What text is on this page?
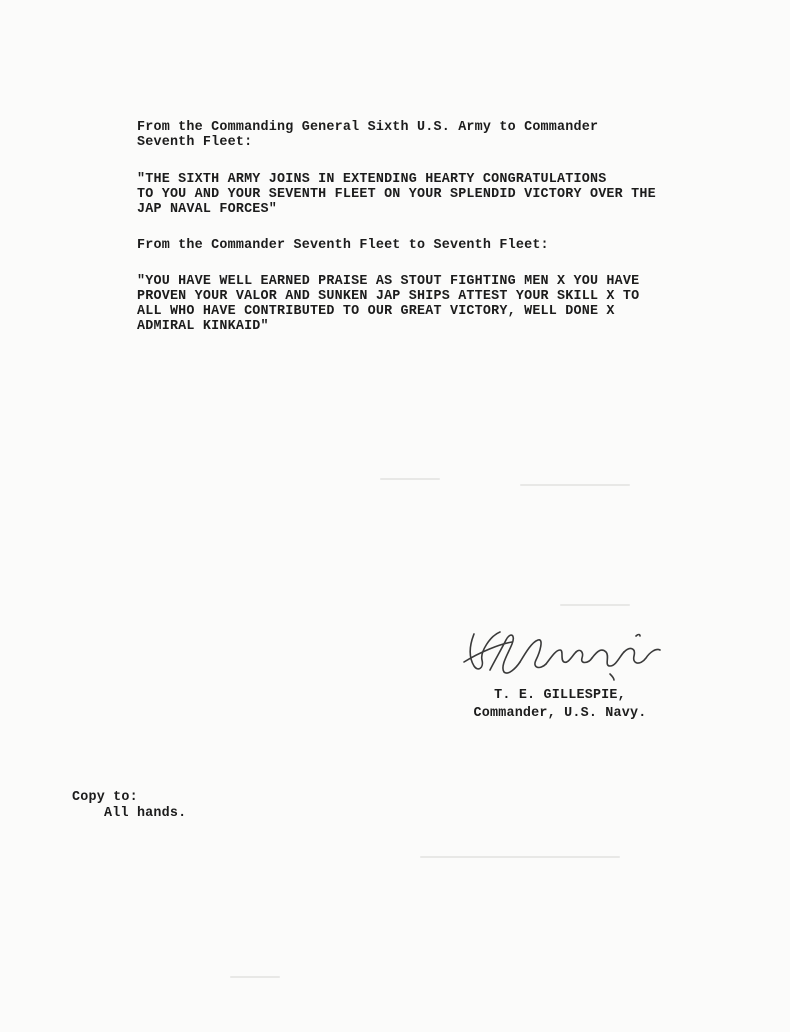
From the Commanding General Sixth U.S. Army to Commander
Seventh Fleet:
"THE SIXTH ARMY JOINS IN EXTENDING HEARTY CONGRATULATIONS
TO YOU AND YOUR SEVENTH FLEET ON YOUR SPLENDID VICTORY OVER THE
JAP NAVAL FORCES"
From the Commander Seventh Fleet to Seventh Fleet:
"YOU HAVE WELL EARNED PRAISE AS STOUT FIGHTING MEN X YOU HAVE
PROVEN YOUR VALOR AND SUNKEN JAP SHIPS ATTEST YOUR SKILL X TO
ALL WHO HAVE CONTRIBUTED TO OUR GREAT VICTORY, WELL DONE X
ADMIRAL KINKAID"
T. E. GILLESPIE,
Commander, U.S. Navy.
Copy to:
All hands.
